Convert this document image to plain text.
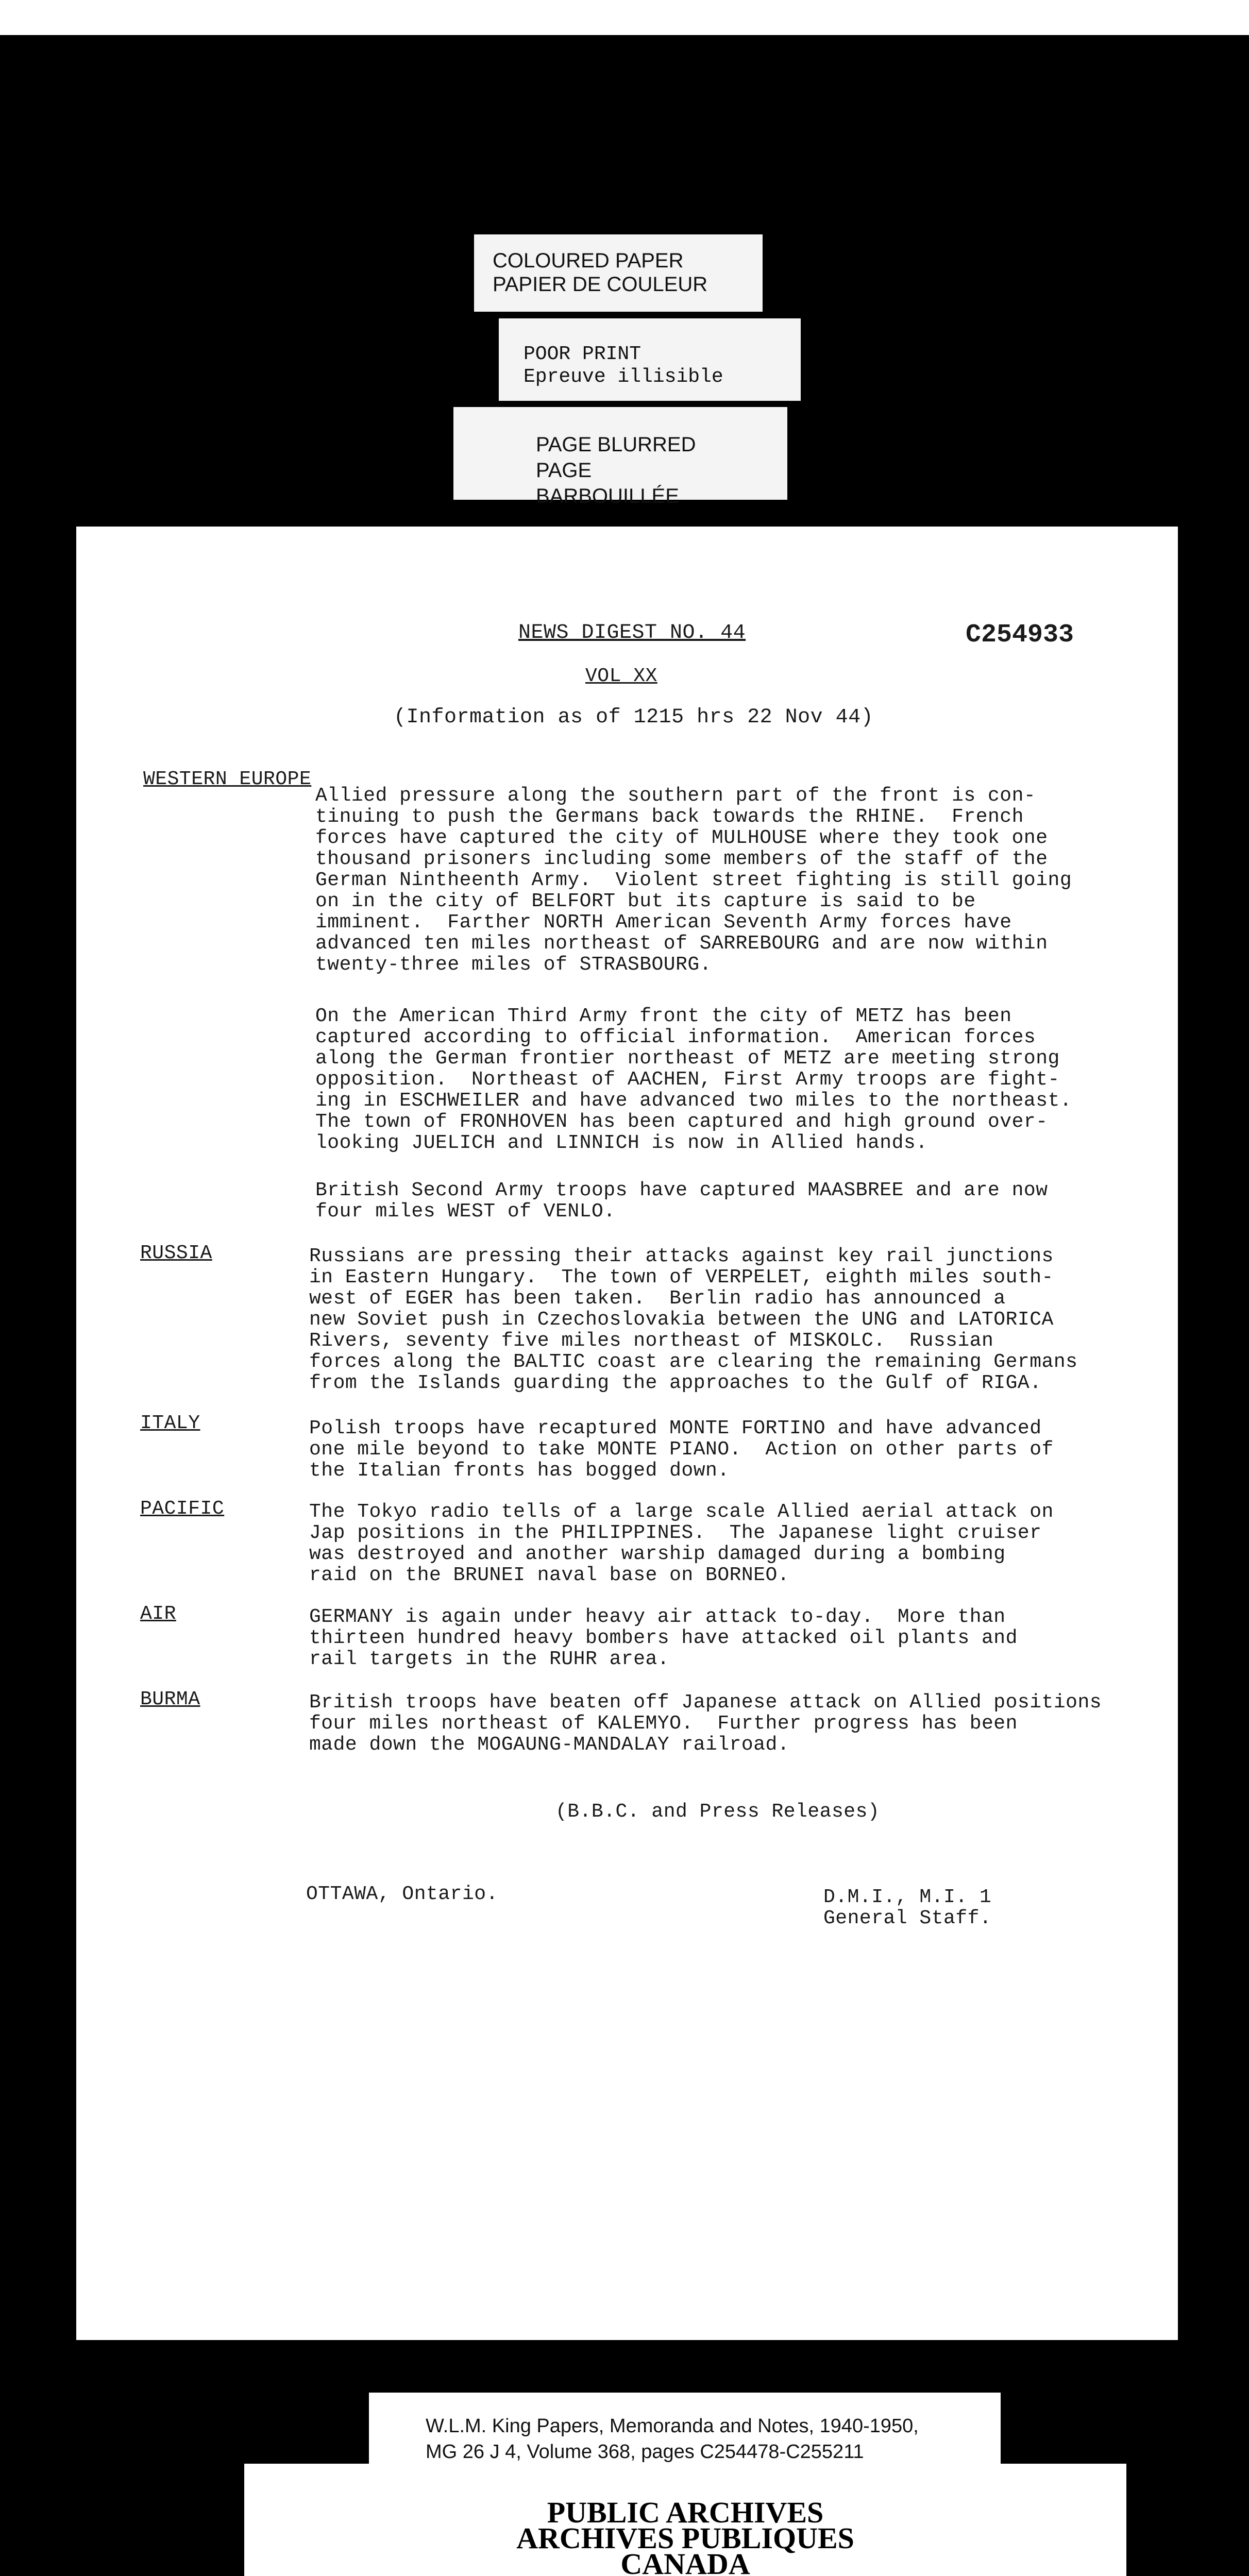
COLOURED PAPER
PAPIER DE COULEUR
POOR PRINT
Epreuve illisible
PAGE BLURRED
PAGE BARBOUILLÉE
NEWS DIGEST NO. 44	C254933
VOL XX
(Information as of 1215 hrs 22 Nov 44)
WESTERN EUROPE
Allied pressure along the southern part of the front is con-
tinuing to push the Germans back towards the RHINE.  French
forces have captured the city of MULHOUSE where they took one
thousand prisoners including some members of the staff of the
German Nintheenth Army.  Violent street fighting is still going
on in the city of BELFORT but its capture is said to be
imminent.  Farther NORTH American Seventh Army forces have
advanced ten miles northeast of SARREBOURG and are now within
twenty-three miles of STRASBOURG.
On the American Third Army front the city of METZ has been
captured according to official information.  American forces
along the German frontier northeast of METZ are meeting strong
opposition.  Northeast of AACHEN, First Army troops are fight-
ing in ESCHWEILER and have advanced two miles to the northeast.
The town of FRONHOVEN has been captured and high ground over-
looking JUELICH and LINNICH is now in Allied hands.
British Second Army troops have captured MAASBREE and are now
four miles WEST of VENLO.
RUSSIA	Russians are pressing their attacks against key rail junctions
in Eastern Hungary.  The town of VERPELET, eighth miles south-
west of EGER has been taken.  Berlin radio has announced a
new Soviet push in Czechoslovakia between the UNG and LATORICA
Rivers, seventy five miles northeast of MISKOLC.  Russian
forces along the BALTIC coast are clearing the remaining Germans
from the Islands guarding the approaches to the Gulf of RIGA.
ITALY	Polish troops have recaptured MONTE FORTINO and have advanced
one mile beyond to take MONTE PIANO.  Action on other parts of
the Italian fronts has bogged down.
PACIFIC	The Tokyo radio tells of a large scale Allied aerial attack on
Jap positions in the PHILIPPINES.  The Japanese light cruiser
was destroyed and another warship damaged during a bombing
raid on the BRUNEI naval base on BORNEO.
AIR	GERMANY is again under heavy air attack to-day.  More than
thirteen hundred heavy bombers have attacked oil plants and
rail targets in the RUHR area.
BURMA	British troops have beaten off Japanese attack on Allied positions
four miles northeast of KALEMYO.  Further progress has been
made down the MOGAUNG-MANDALAY railroad.
(B.B.C. and Press Releases)
OTTAWA, Ontario.	D.M.I., M.I. 1
General Staff.
W.L.M. King Papers, Memoranda and Notes, 1940-1950,
MG 26 J 4, Volume 368, pages C254478-C255211
PUBLIC ARCHIVES
ARCHIVES PUBLIQUES
CANADA
